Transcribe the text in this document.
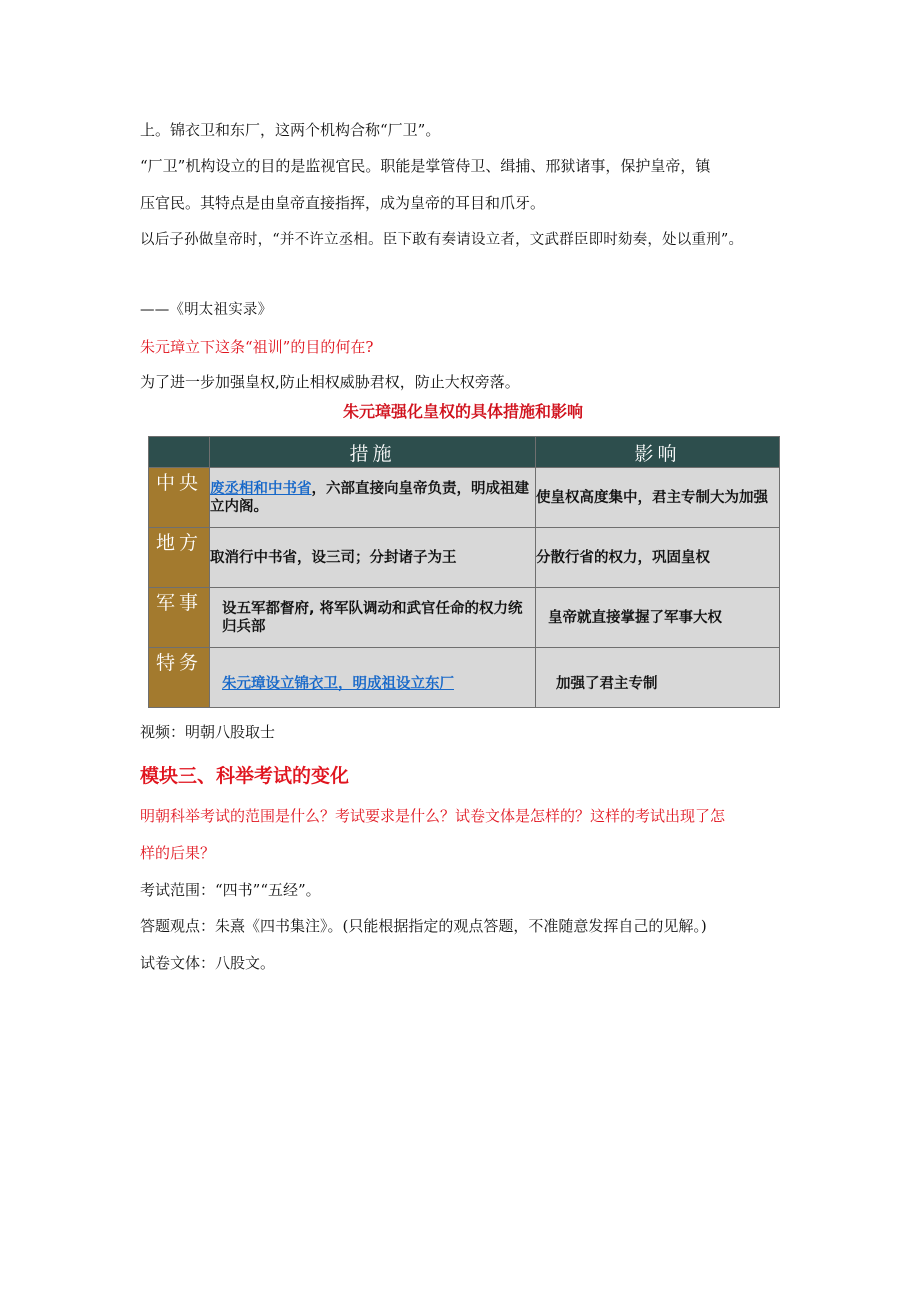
上。锦衣卫和东厂，这两个机构合称“厂卫”。
“厂卫”机构设立的目的是监视官民。职能是掌管侍卫、缉捕、邢狱诸事，保护皇帝，镇
压官民。其特点是由皇帝直接指挥，成为皇帝的耳目和爪牙。
以后子孙做皇帝时，“并不许立丞相。臣下敢有奏请设立者，文武群臣即时劾奏，处以重刑”。
——《明太祖实录》
朱元璋立下这条“祖训”的目的何在?
为了进一步加强皇权,防止相权威胁君权，防止大权旁落。
朱元璋强化皇权的具体措施和影响
	措施	影响
中央	废丞相和中书省，六部直接向皇帝负责，明成祖建立内阁。	使皇权高度集中，君主专制大为加强
地方	取消行中书省，设三司；分封诸子为王	分散行省的权力，巩固皇权
军事	设五军都督府, 将军队调动和武官任命的权力统归兵部	皇帝就直接掌握了军事大权
特务	朱元璋设立锦衣卫，明成祖设立东厂	加强了君主专制
视频：明朝八股取士
模块三、科举考试的变化
明朝科举考试的范围是什么？考试要求是什么？试卷文体是怎样的？这样的考试出现了怎
样的后果？
考试范围：“四书”“五经”。
答题观点：朱熹《四书集注》。(只能根据指定的观点答题，不准随意发挥自己的见解。)
试卷文体：八股文。
